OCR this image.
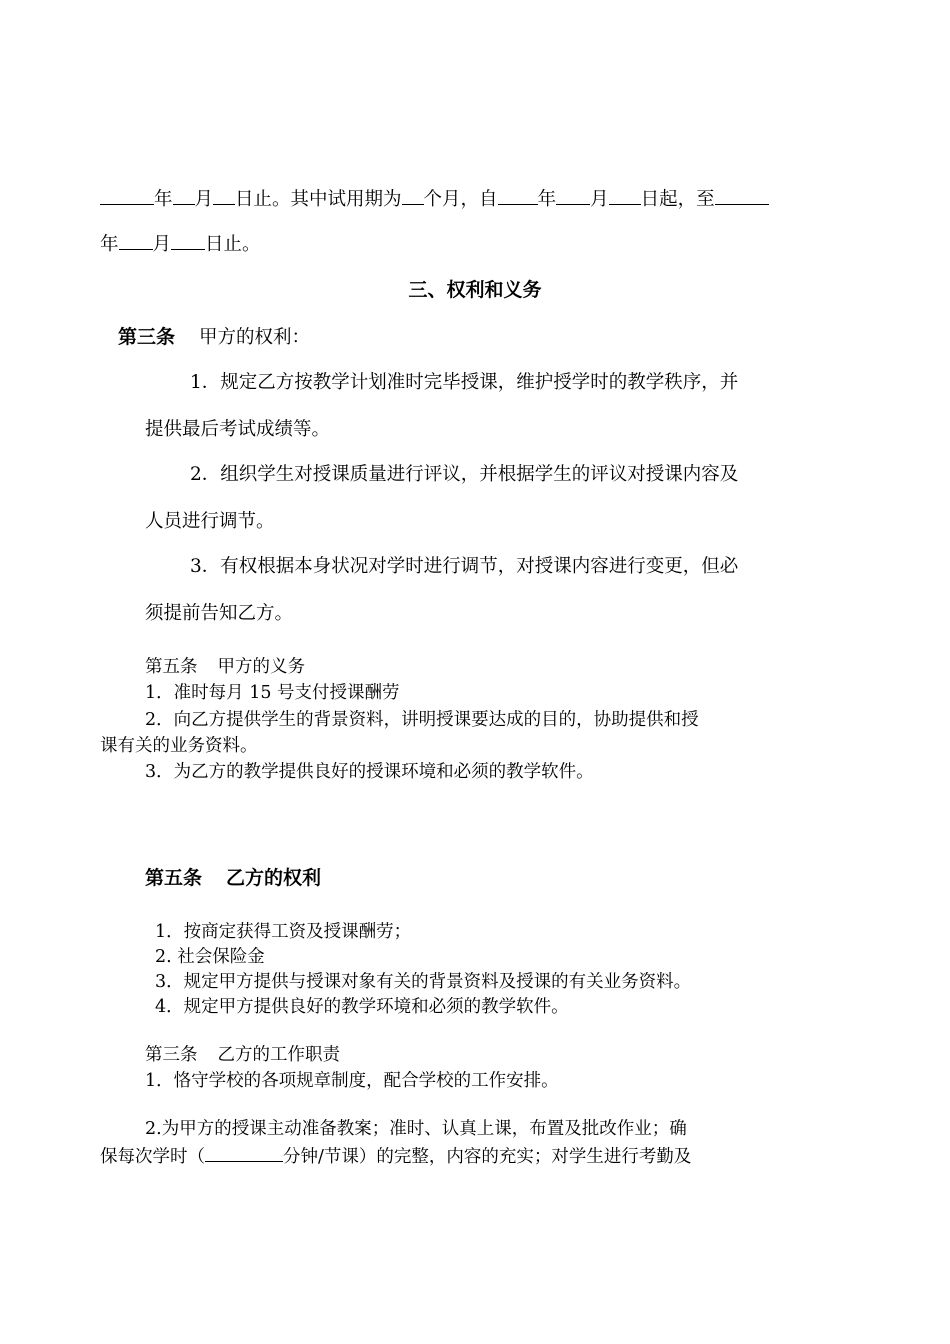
年 月 日止。其中试用期为 个月，自 年 月 日起，至
年 月 日止。
三、权利和义务
第三条 甲方的权利：
1．规定乙方按教学计划准时完毕授课，维护授学时的教学秩序，并
提供最后考试成绩等。
2．组织学生对授课质量进行评议，并根据学生的评议对授课内容及
人员进行调节。
3．有权根据本身状况对学时进行调节，对授课内容进行变更，但必
须提前告知乙方。
第五条 甲方的义务
1．准时每月 15 号支付授课酬劳
2．向乙方提供学生的背景资料，讲明授课要达成的目的，协助提供和授
课有关的业务资料。
3．为乙方的教学提供良好的授课环境和必须的教学软件。
第五条 乙方的权利
1．按商定获得工资及授课酬劳；
2. 社会保险金
3．规定甲方提供与授课对象有关的背景资料及授课的有关业务资料。
4．规定甲方提供良好的教学环境和必须的教学软件。
第三条 乙方的工作职责
1．恪守学校的各项规章制度，配合学校的工作安排。
2.为甲方的授课主动准备教案；准时、认真上课，布置及批改作业；确
保每次学时（	分钟/节课）的完整，内容的充实；对学生进行考勤及
